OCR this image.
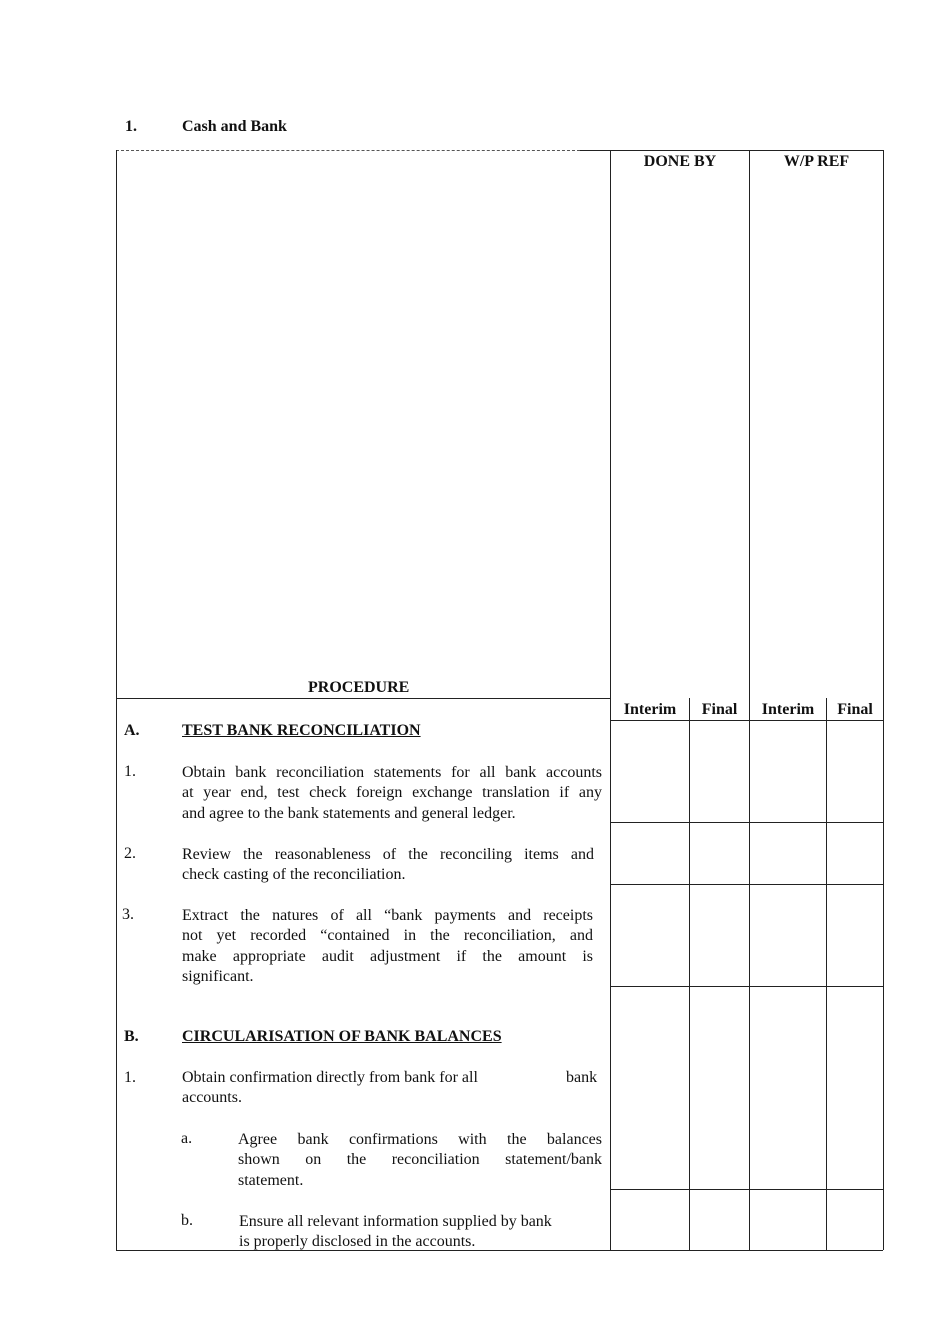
1.	Cash and Bank
DONE BY	W/P REF
PROCEDURE
Interim	Final	Interim	Final
A.	TEST BANK RECONCILIATION
1.	Obtain bank reconciliation statements for all bank accounts
at year end, test check foreign exchange translation if any
and agree to the bank statements and general ledger.
2.	Review the reasonableness of the reconciling items and
check casting of the reconciliation.
3.	Extract the natures of all “bank payments and receipts
not yet recorded “contained in the reconciliation, and
make appropriate audit adjustment if the amount is
significant.
B.	CIRCULARISATION OF BANK BALANCES
1.	Obtain confirmation directly from bank for all	bank
accounts.
a.	Agree bank confirmations with the balances
shown on the reconciliation statement/bank
statement.
b.	Ensure all relevant information supplied by bank
is properly disclosed in the accounts.
